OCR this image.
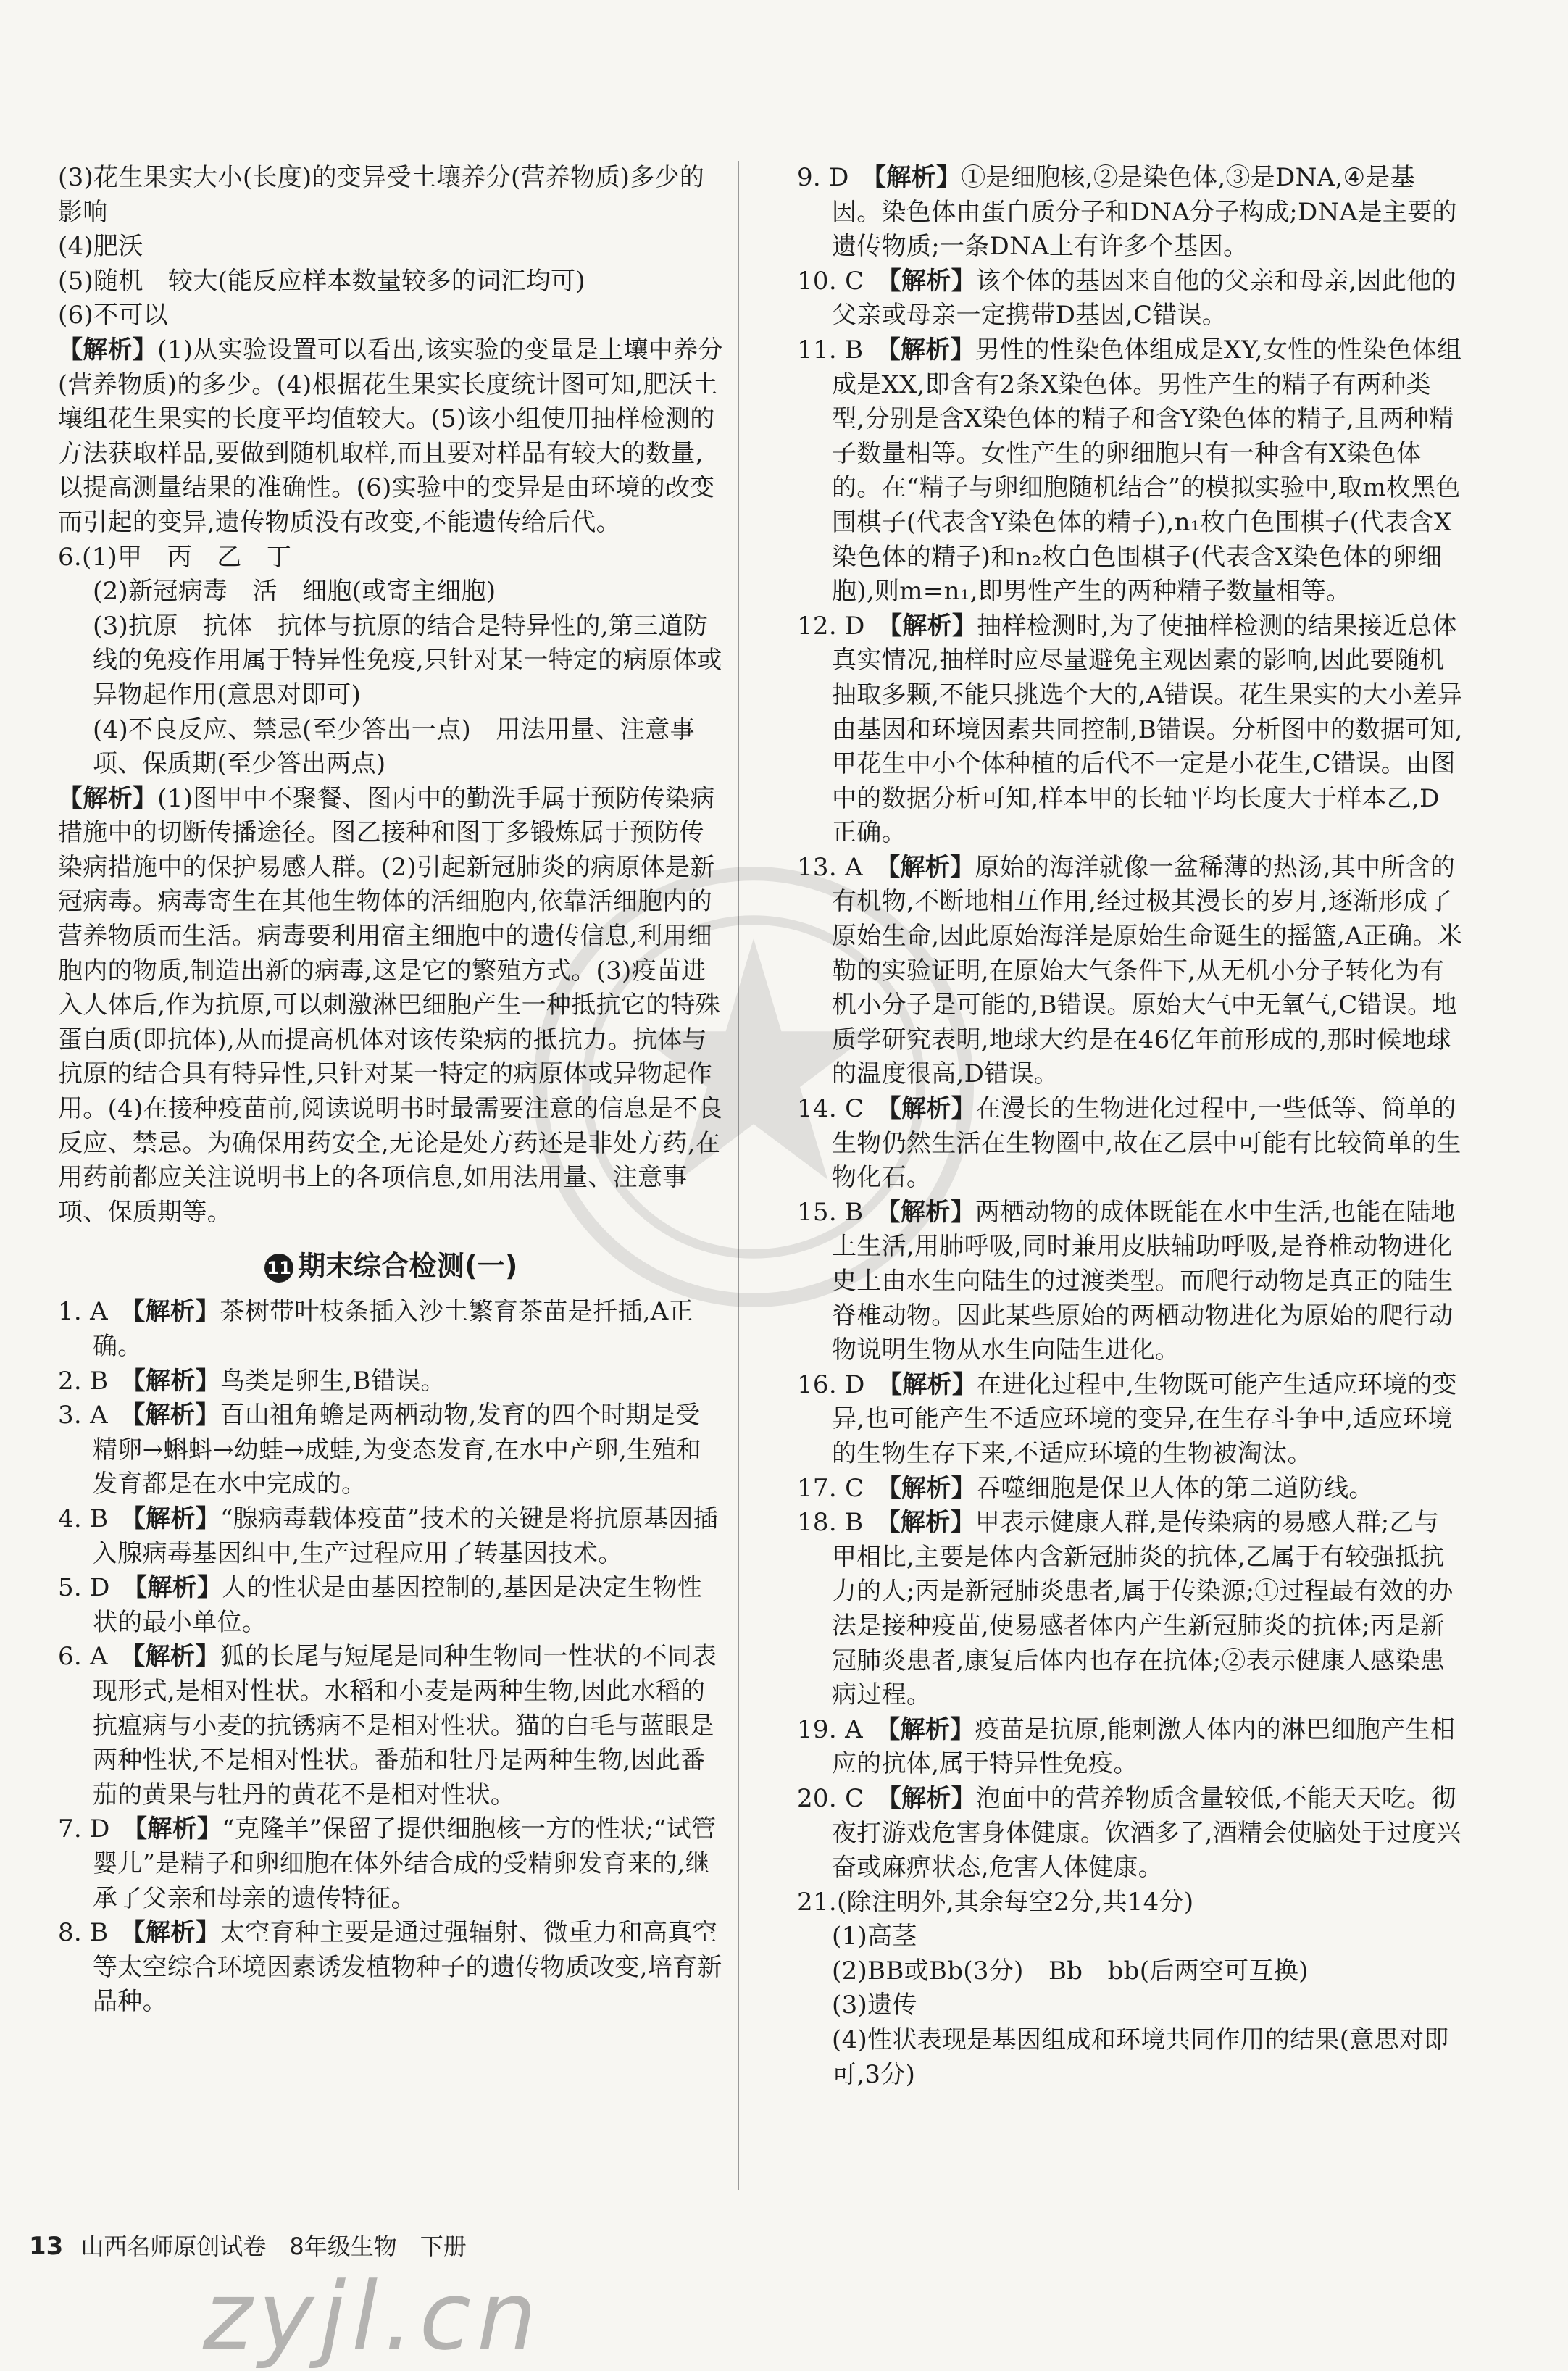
(3)花生果实大小(长度)的变异受土壤养分(营养物质)多少的影响

(4)肥沃

(5)随机　较大(能反应样本数量较多的词汇均可)

(6)不可以

【解析】(1)从实验设置可以看出,该实验的变量是土壤中养分(营养物质)的多少。(4)根据花生果实长度统计图可知,肥沃土壤组花生果实的长度平均值较大。(5)该小组使用抽样检测的方法获取样品,要做到随机取样,而且要对样品有较大的数量,以提高测量结果的准确性。(6)实验中的变异是由环境的改变而引起的变异,遗传物质没有改变,不能遗传给后代。

6.(1)甲　丙　乙　丁

(2)新冠病毒　活　细胞(或寄主细胞)

(3)抗原　抗体　抗体与抗原的结合是特异性的,第三道防线的免疫作用属于特异性免疫,只针对某一特定的病原体或异物起作用(意思对即可)

(4)不良反应、禁忌(至少答出一点)　用法用量、注意事项、保质期(至少答出两点)

【解析】(1)图甲中不聚餐、图丙中的勤洗手属于预防传染病措施中的切断传播途径。图乙接种和图丁多锻炼属于预防传染病措施中的保护易感人群。(2)引起新冠肺炎的病原体是新冠病毒。病毒寄生在其他生物体的活细胞内,依靠活细胞内的营养物质而生活。病毒要利用宿主细胞中的遗传信息,利用细胞内的物质,制造出新的病毒,这是它的繁殖方式。(3)疫苗进入人体后,作为抗原,可以刺激淋巴细胞产生一种抵抗它的特殊蛋白质(即抗体),从而提高机体对该传染病的抵抗力。抗体与抗原的结合具有特异性,只针对某一特定的病原体或异物起作用。(4)在接种疫苗前,阅读说明书时最需要注意的信息是不良反应、禁忌。为确保用药安全,无论是处方药还是非处方药,在用药前都应关注说明书上的各项信息,如用法用量、注意事项、保质期等。

11 期末综合检测(一)

1. A　【解析】茶树带叶枝条插入沙土繁育茶苗是扦插,A正确。

2. B　【解析】鸟类是卵生,B错误。

3. A　【解析】百山祖角蟾是两栖动物,发育的四个时期是受精卵→蝌蚪→幼蛙→成蛙,为变态发育,在水中产卵,生殖和发育都是在水中完成的。

4. B　【解析】“腺病毒载体疫苗”技术的关键是将抗原基因插入腺病毒基因组中,生产过程应用了转基因技术。

5. D　【解析】人的性状是由基因控制的,基因是决定生物性状的最小单位。

6. A　【解析】狐的长尾与短尾是同种生物同一性状的不同表现形式,是相对性状。水稻和小麦是两种生物,因此水稻的抗瘟病与小麦的抗锈病不是相对性状。猫的白毛与蓝眼是两种性状,不是相对性状。番茄和牡丹是两种生物,因此番茄的黄果与牡丹的黄花不是相对性状。

7. D　【解析】“克隆羊”保留了提供细胞核一方的性状;“试管婴儿”是精子和卵细胞在体外结合成的受精卵发育来的,继承了父亲和母亲的遗传特征。

8. B　【解析】太空育种主要是通过强辐射、微重力和高真空等太空综合环境因素诱发植物种子的遗传物质改变,培育新品种。

9. D　【解析】①是细胞核,②是染色体,③是DNA,④是基因。染色体由蛋白质分子和DNA分子构成;DNA是主要的遗传物质;一条DNA上有许多个基因。

10. C　【解析】该个体的基因来自他的父亲和母亲,因此他的父亲或母亲一定携带D基因,C错误。

11. B　【解析】男性的性染色体组成是XY,女性的性染色体组成是XX,即含有2条X染色体。男性产生的精子有两种类型,分别是含X染色体的精子和含Y染色体的精子,且两种精子数量相等。女性产生的卵细胞只有一种含有X染色体的。在“精子与卵细胞随机结合”的模拟实验中,取m枚黑色围棋子(代表含Y染色体的精子),n₁枚白色围棋子(代表含X染色体的精子)和n₂枚白色围棋子(代表含X染色体的卵细胞),则m=n₁,即男性产生的两种精子数量相等。

12. D　【解析】抽样检测时,为了使抽样检测的结果接近总体真实情况,抽样时应尽量避免主观因素的影响,因此要随机抽取多颗,不能只挑选个大的,A错误。花生果实的大小差异由基因和环境因素共同控制,B错误。分析图中的数据可知,甲花生中小个体种植的后代不一定是小花生,C错误。由图中的数据分析可知,样本甲的长轴平均长度大于样本乙,D正确。

13. A　【解析】原始的海洋就像一盆稀薄的热汤,其中所含的有机物,不断地相互作用,经过极其漫长的岁月,逐渐形成了原始生命,因此原始海洋是原始生命诞生的摇篮,A正确。米勒的实验证明,在原始大气条件下,从无机小分子转化为有机小分子是可能的,B错误。原始大气中无氧气,C错误。地质学研究表明,地球大约是在46亿年前形成的,那时候地球的温度很高,D错误。

14. C　【解析】在漫长的生物进化过程中,一些低等、简单的生物仍然生活在生物圈中,故在乙层中可能有比较简单的生物化石。

15. B　【解析】两栖动物的成体既能在水中生活,也能在陆地上生活,用肺呼吸,同时兼用皮肤辅助呼吸,是脊椎动物进化史上由水生向陆生的过渡类型。而爬行动物是真正的陆生脊椎动物。因此某些原始的两栖动物进化为原始的爬行动物说明生物从水生向陆生进化。

16. D　【解析】在进化过程中,生物既可能产生适应环境的变异,也可能产生不适应环境的变异,在生存斗争中,适应环境的生物生存下来,不适应环境的生物被淘汰。

17. C　【解析】吞噬细胞是保卫人体的第二道防线。

18. B　【解析】甲表示健康人群,是传染病的易感人群;乙与甲相比,主要是体内含新冠肺炎的抗体,乙属于有较强抵抗力的人;丙是新冠肺炎患者,属于传染源;①过程最有效的办法是接种疫苗,使易感者体内产生新冠肺炎的抗体;丙是新冠肺炎患者,康复后体内也存在抗体;②表示健康人感染患病过程。

19. A　【解析】疫苗是抗原,能刺激人体内的淋巴细胞产生相应的抗体,属于特异性免疫。

20. C　【解析】泡面中的营养物质含量较低,不能天天吃。彻夜打游戏危害身体健康。饮酒多了,酒精会使脑处于过度兴奋或麻痹状态,危害人体健康。

21.(除注明外,其余每空2分,共14分)

(1)高茎

(2)BB或Bb(3分)　Bb　bb(后两空可互换)

(3)遗传

(4)性状表现是基因组成和环境共同作用的结果(意思对即可,3分)

13 山西名师原创试卷　8年级生物　下册
zyjl.cn
